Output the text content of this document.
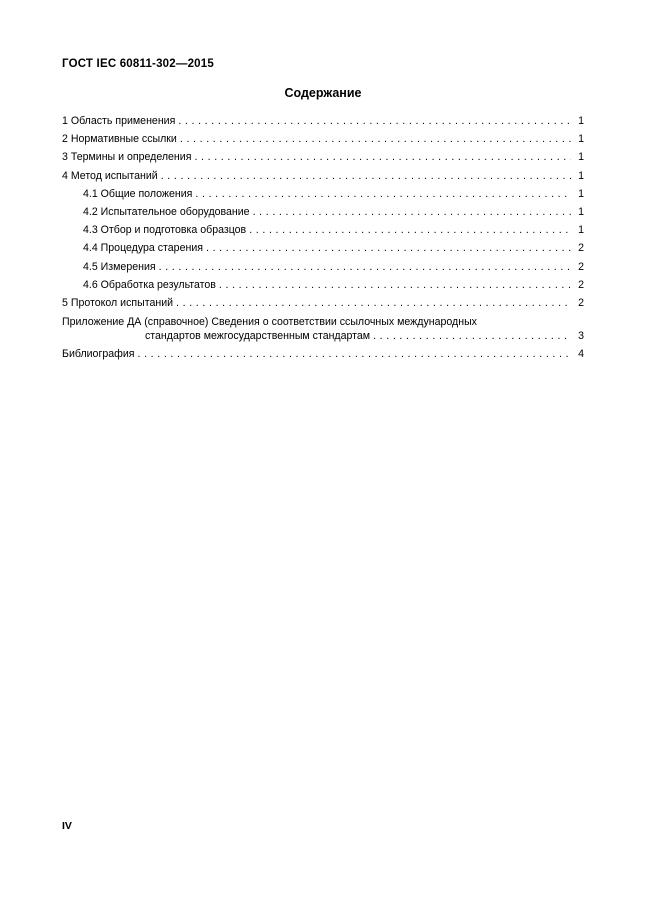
ГОСТ IEC 60811-302—2015
Содержание
1 Область применения . . .	1
2 Нормативные ссылки . . .	1
3 Термины и определения . . .	1
4 Метод испытаний . . .	1
4.1 Общие положения . . .	1
4.2 Испытательное оборудование . . .	1
4.3 Отбор и подготовка образцов . . .	1
4.4 Процедура старения . . .	2
4.5 Измерения . . .	2
4.6 Обработка результатов . . .	2
5 Протокол испытаний . . .	2
Приложение ДА (справочное) Сведения о соответствии ссылочных международных
стандартов межгосударственным стандартам . . .	3
Библиография . . .	4
IV
